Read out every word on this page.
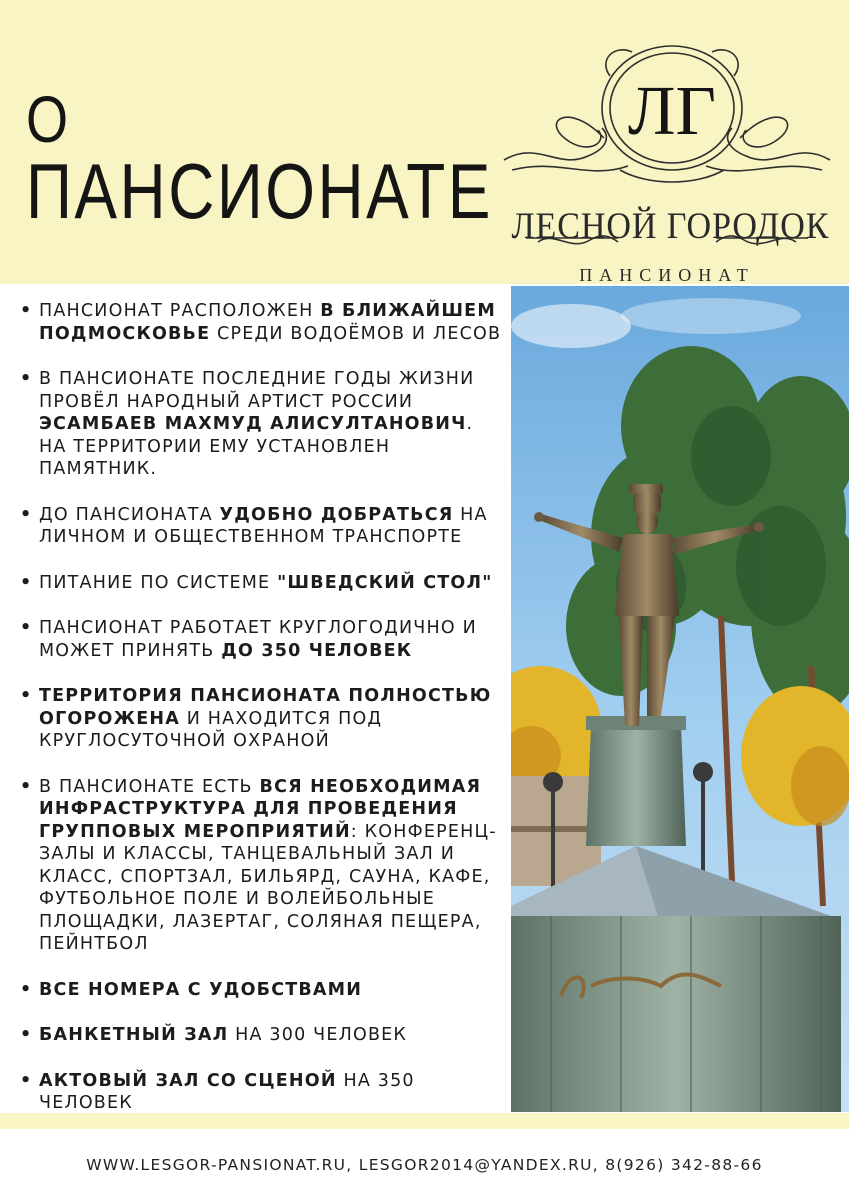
О
ПАНСИОНАТЕ
ЛГ
ЛЕСНОЙ ГОРОДОК
ПАНСИОНАТ
• ПАНСИОНАТ РАСПОЛОЖЕН В БЛИЖАЙШЕМ ПОДМОСКОВЬЕ СРЕДИ ВОДОЁМОВ И ЛЕСОВ
• В ПАНСИОНАТЕ ПОСЛЕДНИЕ ГОДЫ ЖИЗНИ ПРОВЁЛ НАРОДНЫЙ АРТИСТ РОССИИ ЭСАМБАЕВ МАХМУД АЛИСУЛТАНОВИЧ. НА ТЕРРИТОРИИ ЕМУ УСТАНОВЛЕН ПАМЯТНИК.
• ДО ПАНСИОНАТА УДОБНО ДОБРАТЬСЯ НА ЛИЧНОМ И ОБЩЕСТВЕННОМ ТРАНСПОРТЕ
• ПИТАНИЕ ПО СИСТЕМЕ "ШВЕДСКИЙ СТОЛ"
• ПАНСИОНАТ РАБОТАЕТ КРУГЛОГОДИЧНО И МОЖЕТ ПРИНЯТЬ ДО 350 ЧЕЛОВЕК
• ТЕРРИТОРИЯ ПАНСИОНАТА ПОЛНОСТЬЮ ОГОРОЖЕНА И НАХОДИТСЯ ПОД КРУГЛОСУТОЧНОЙ ОХРАНОЙ
• В ПАНСИОНАТЕ ЕСТЬ ВСЯ НЕОБХОДИМАЯ ИНФРАСТРУКТУРА ДЛЯ ПРОВЕДЕНИЯ ГРУППОВЫХ МЕРОПРИЯТИЙ: КОНФЕРЕНЦ-ЗАЛЫ И КЛАССЫ, ТАНЦЕВАЛЬНЫЙ ЗАЛ И КЛАСС, СПОРТЗАЛ, БИЛЬЯРД, САУНА, КАФЕ, ФУТБОЛЬНОЕ ПОЛЕ И ВОЛЕЙБОЛЬНЫЕ ПЛОЩАДКИ, ЛАЗЕРТАГ, СОЛЯНАЯ ПЕЩЕРА, ПЕЙНТБОЛ
• ВСЕ НОМЕРА С УДОБСТВАМИ
• БАНКЕТНЫЙ ЗАЛ НА 300 ЧЕЛОВЕК
• АКТОВЫЙ ЗАЛ СО СЦЕНОЙ НА 350 ЧЕЛОВЕК
WWW.LESGOR-PANSIONAT.RU, LESGOR2014@YANDEX.RU, 8(926) 342-88-66
